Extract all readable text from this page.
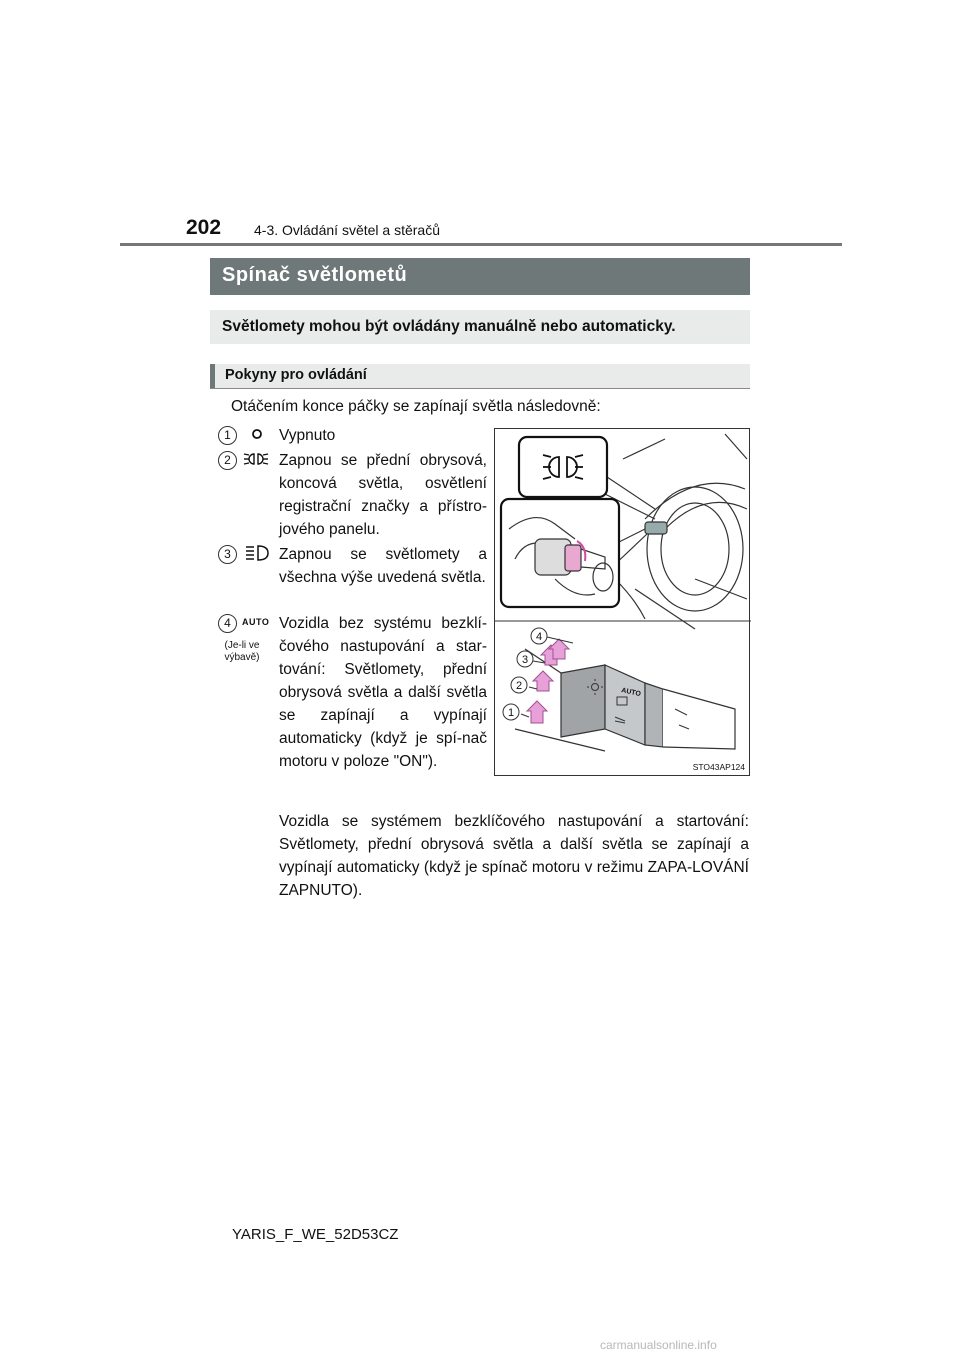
202 4-3. Ovládání světel a stěračů
Spínač světlometů
Světlomety mohou být ovládány manuálně nebo automaticky.
Pokyny pro ovládání
Otáčením konce páčky se zapínají světla následovně:
1	Vypnuto
2	Zapnou se přední obrysová, koncová světla, osvětlení registrační značky a přístro-jového panelu.
3	Zapnou se světlomety a všechna výše uvedená světla.
4	AUTO
(Je-li ve výbavě)
Vozidla bez systému bezklí-čového nastupování a star-tování: Světlomety, přední obrysová světla a další světla se zapínají a vypínají automaticky (když je spí-nač motoru v poloze "ON").
Vozidla se systémem bezklíčového nastupování a startování: Světlomety, přední obrysová světla a další světla se zapínají a vypínají automaticky (když je spínač motoru v režimu ZAPA-LOVÁNÍ ZAPNUTO).
AUTO
1
2
3
4
STO43AP124
YARIS_F_WE_52D53CZ
carmanualsonline.info
